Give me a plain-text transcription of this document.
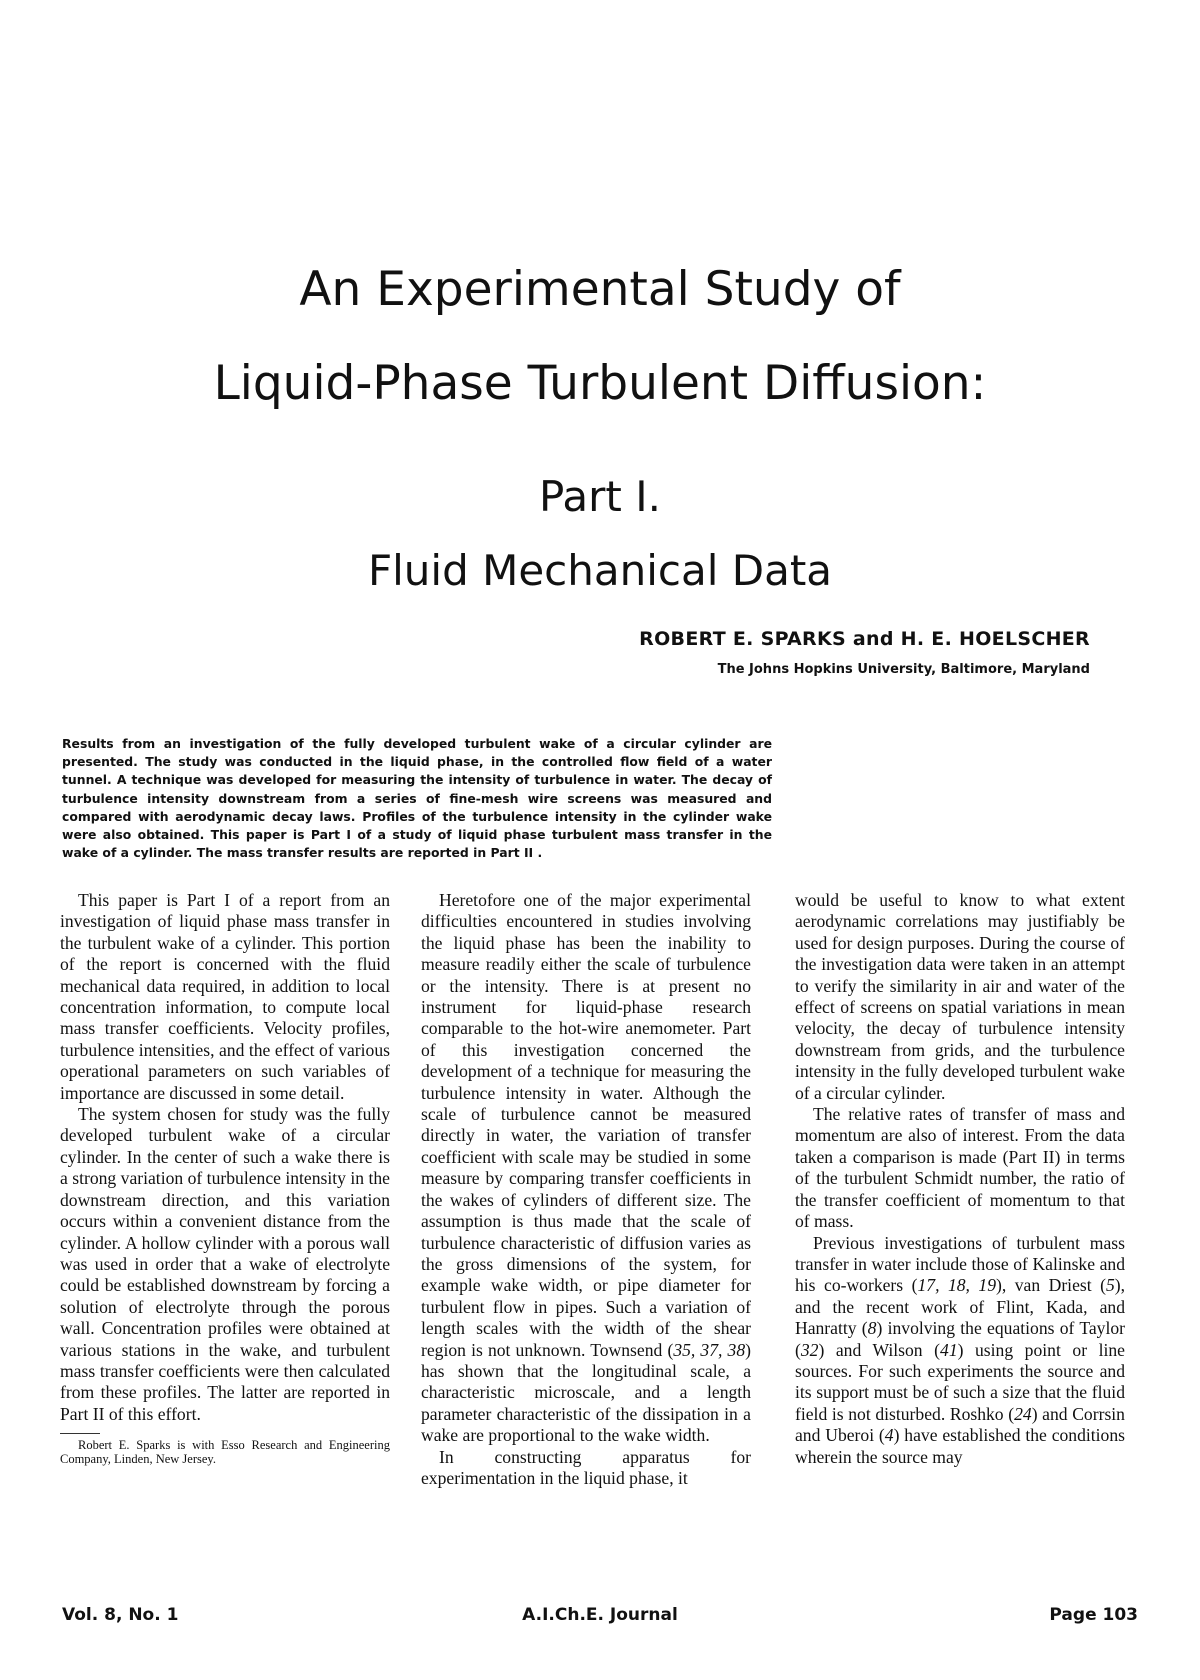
An Experimental Study of
Liquid-Phase Turbulent Diffusion:
Part I.
Fluid Mechanical Data
ROBERT E. SPARKS and H. E. HOELSCHER
The Johns Hopkins University, Baltimore, Maryland

Results from an investigation of the fully developed turbulent wake of a circular cylinder are presented. The study was conducted in the liquid phase, in the controlled flow field of a water tunnel. A technique was developed for measuring the intensity of turbulence in water. The decay of turbulence intensity downstream from a series of fine-mesh wire screens was measured and compared with aerodynamic decay laws. Profiles of the turbulence intensity in the cylinder wake were also obtained. This paper is Part I of a study of liquid phase turbulent mass transfer in the wake of a cylinder. The mass transfer results are reported in Part II .

This paper is Part I of a report from an investigation of liquid phase mass transfer in the turbulent wake of a cylinder. This portion of the report is concerned with the fluid mechanical data required, in addition to local concentration information, to compute local mass transfer coefficients. Velocity profiles, turbulence intensities, and the effect of various operational parameters on such variables of importance are discussed in some detail.

The system chosen for study was the fully developed turbulent wake of a circular cylinder. In the center of such a wake there is a strong variation of turbulence intensity in the downstream direction, and this variation occurs within a convenient distance from the cylinder. A hollow cylinder with a porous wall was used in order that a wake of electrolyte could be established downstream by forcing a solution of electrolyte through the porous wall. Concentration profiles were obtained at various stations in the wake, and turbulent mass transfer coefficients were then calculated from these profiles. The latter are reported in Part II of this effort.

Robert E. Sparks is with Esso Research and Engineering Company, Linden, New Jersey.

Heretofore one of the major experimental difficulties encountered in studies involving the liquid phase has been the inability to measure readily either the scale of turbulence or the intensity. There is at present no instrument for liquid-phase research comparable to the hot-wire anemometer. Part of this investigation concerned the development of a technique for measuring the turbulence intensity in water. Although the scale of turbulence cannot be measured directly in water, the variation of transfer coefficient with scale may be studied in some measure by comparing transfer coefficients in the wakes of cylinders of different size. The assumption is thus made that the scale of turbulence characteristic of diffusion varies as the gross dimensions of the system, for example wake width, or pipe diameter for turbulent flow in pipes. Such a variation of length scales with the width of the shear region is not unknown. Townsend (35, 37, 38) has shown that the longitudinal scale, a characteristic microscale, and a length parameter characteristic of the dissipation in a wake are proportional to the wake width.

In constructing apparatus for experimentation in the liquid phase, it

would be useful to know to what extent aerodynamic correlations may justifiably be used for design purposes. During the course of the investigation data were taken in an attempt to verify the similarity in air and water of the effect of screens on spatial variations in mean velocity, the decay of turbulence intensity downstream from grids, and the turbulence intensity in the fully developed turbulent wake of a circular cylinder.

The relative rates of transfer of mass and momentum are also of interest. From the data taken a comparison is made (Part II) in terms of the turbulent Schmidt number, the ratio of the transfer coefficient of momentum to that of mass.

Previous investigations of turbulent mass transfer in water include those of Kalinske and his co-workers (17, 18, 19), van Driest (5), and the recent work of Flint, Kada, and Hanratty (8) involving the equations of Taylor (32) and Wilson (41) using point or line sources. For such experiments the source and its support must be of such a size that the fluid field is not disturbed. Roshko (24) and Corrsin and Uberoi (4) have established the conditions wherein the source may

Vol. 8, No. 1	A.I.Ch.E. Journal	Page 103
